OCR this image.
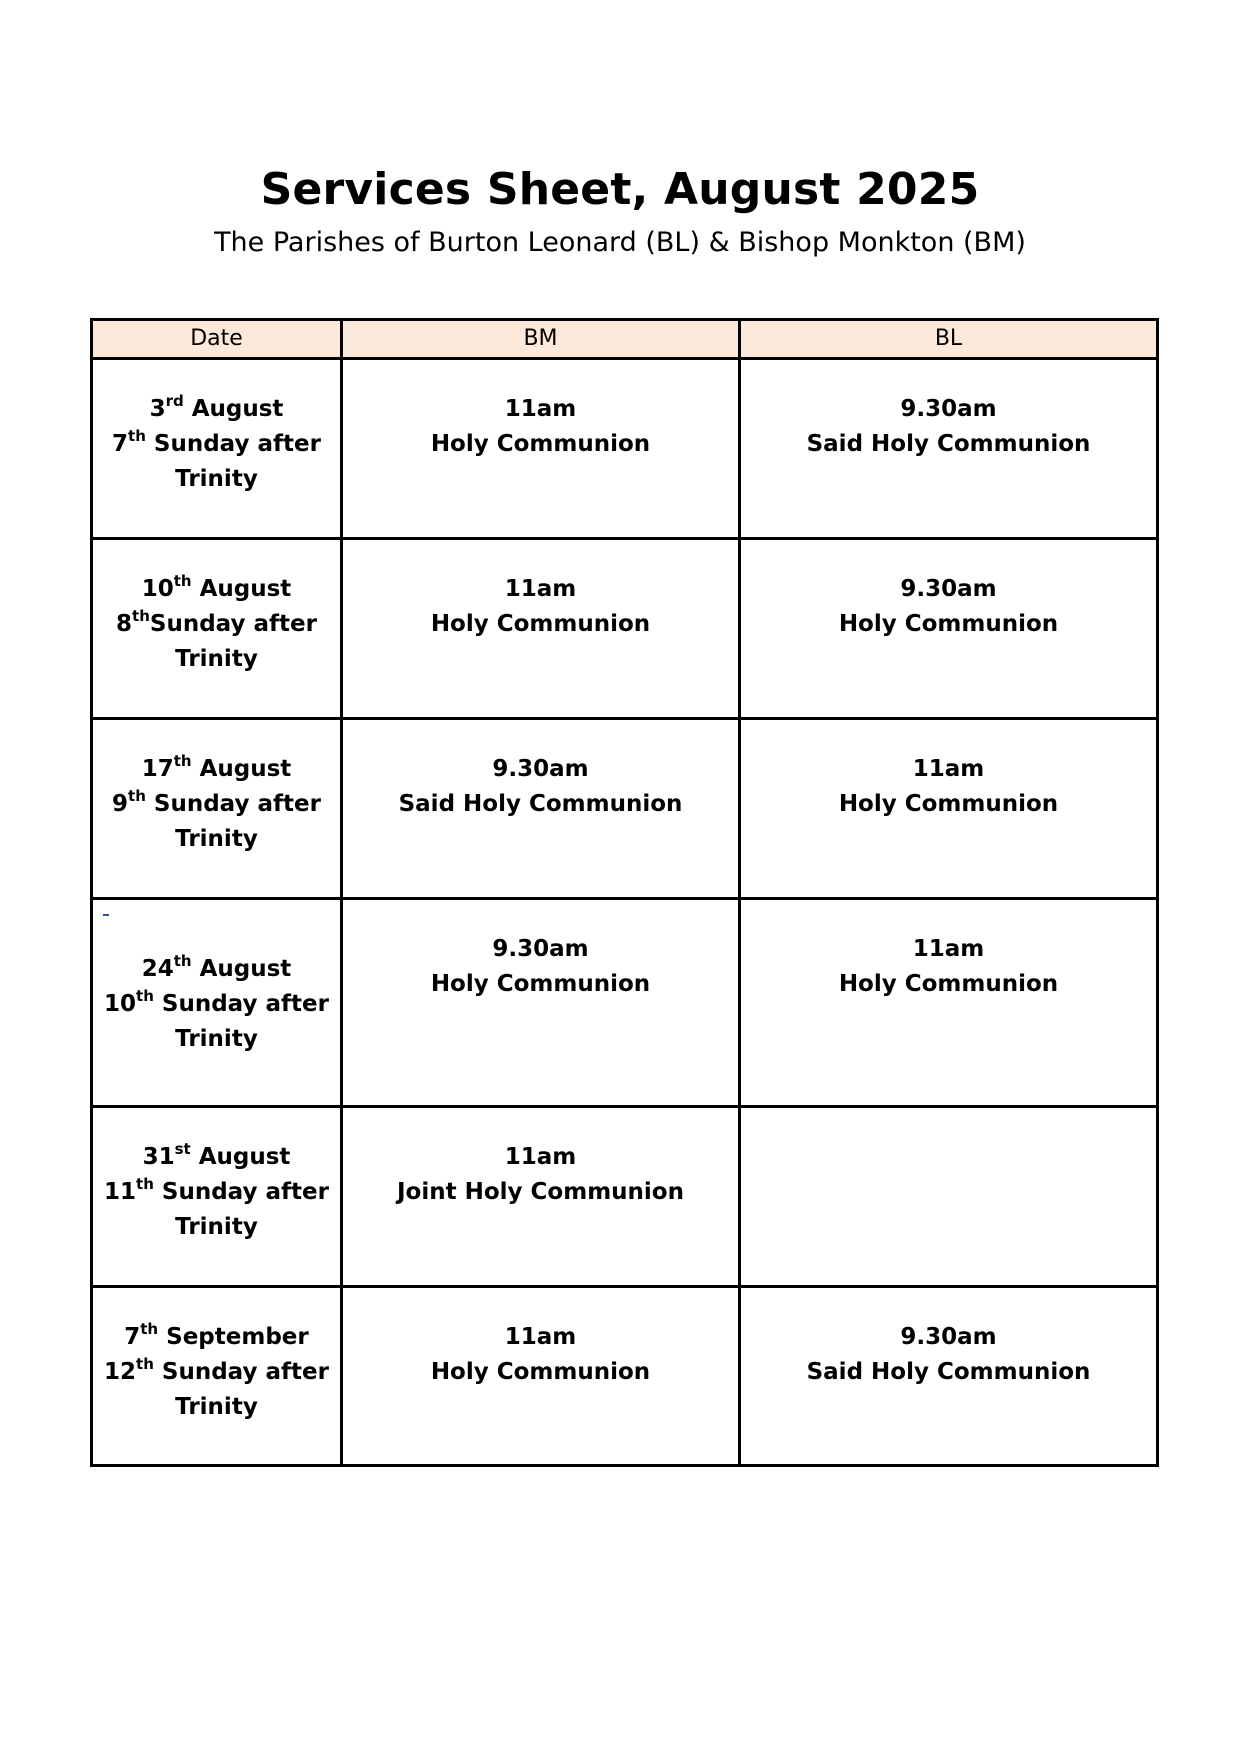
Services Sheet, August 2025
The Parishes of Burton Leonard (BL) & Bishop Monkton (BM)
Date	BM	BL

3rd August
7th Sunday after
Trinity	11am
Holy Communion	9.30am
Said Holy Communion

10th August
8thSunday after
Trinity	11am
Holy Communion	9.30am
Holy Communion

17th August
9th Sunday after
Trinity	9.30am
Said Holy Communion	11am
Holy Communion

24th August
10th Sunday after
Trinity	9.30am
Holy Communion	11am
Holy Communion

31st August
11th Sunday after
Trinity	11am
Joint Holy Communion	

7th September
12th Sunday after
Trinity	11am
Holy Communion	9.30am
Said Holy Communion
